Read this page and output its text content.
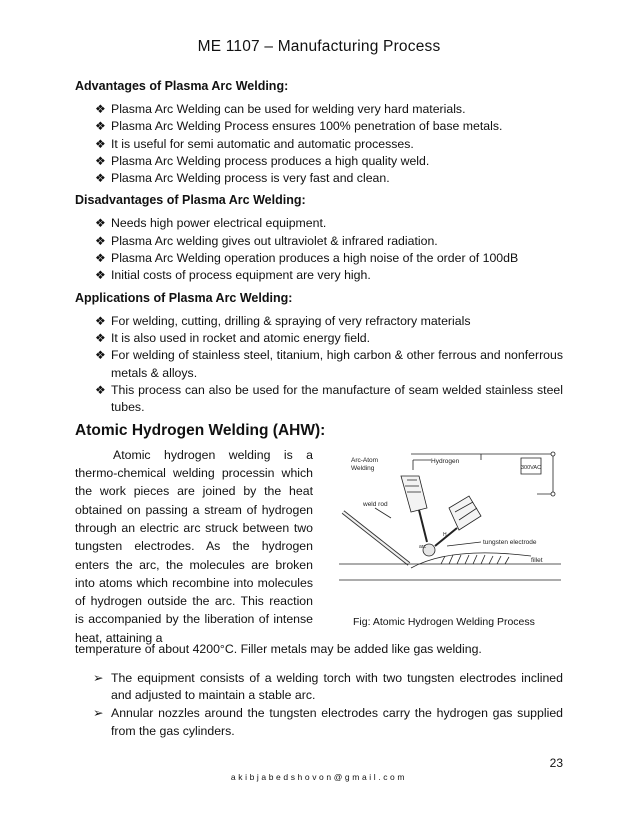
ME 1107 – Manufacturing Process
Advantages of Plasma Arc Welding:
❖ Plasma Arc Welding can be used for welding very hard materials.
❖ Plasma Arc Welding Process ensures 100% penetration of base metals.
❖ It is useful for semi automatic and automatic processes.
❖ Plasma Arc Welding process produces a high quality weld.
❖ Plasma Arc Welding process is very fast and clean.
Disadvantages of Plasma Arc Welding:
❖ Needs high power electrical equipment.
❖ Plasma Arc welding gives out ultraviolet & infrared radiation.
❖ Plasma Arc Welding operation produces a high noise of the order of 100dB
❖ Initial costs of process equipment are very high.
Applications of Plasma Arc Welding:
❖ For welding, cutting, drilling & spraying of very refractory materials
❖ It is also used in rocket and atomic energy field.
❖ For welding of stainless steel, titanium, high carbon & other ferrous and nonferrous metals & alloys.
❖ This process can also be used for the manufacture of seam welded stainless steel tubes.
Atomic Hydrogen Welding (AHW):
Atomic hydrogen welding is a thermo-chemical welding processin which the work pieces are joined by the heat obtained on passing a stream of hydrogen through an electric arc struck between two tungsten electrodes. As the hydrogen enters the arc, the molecules are broken into atoms which recombine into molecules of hydrogen outside the arc. This reaction is accompanied by the liberation of intense heat, attaining a
Arc-Atom
Welding
Hydrogen
300VAC
weld rod
H
arc
tungsten electrode
fillet
Fig: Atomic Hydrogen Welding Process
temperature of about 4200°C. Filler metals may be added like gas welding.
➢ The equipment consists of a welding torch with two tungsten electrodes inclined and adjusted to maintain a stable arc.
➢ Annular nozzles around the tungsten electrodes carry the hydrogen gas supplied from the gas cylinders.
23
akibjabedshovon@gmail.com
